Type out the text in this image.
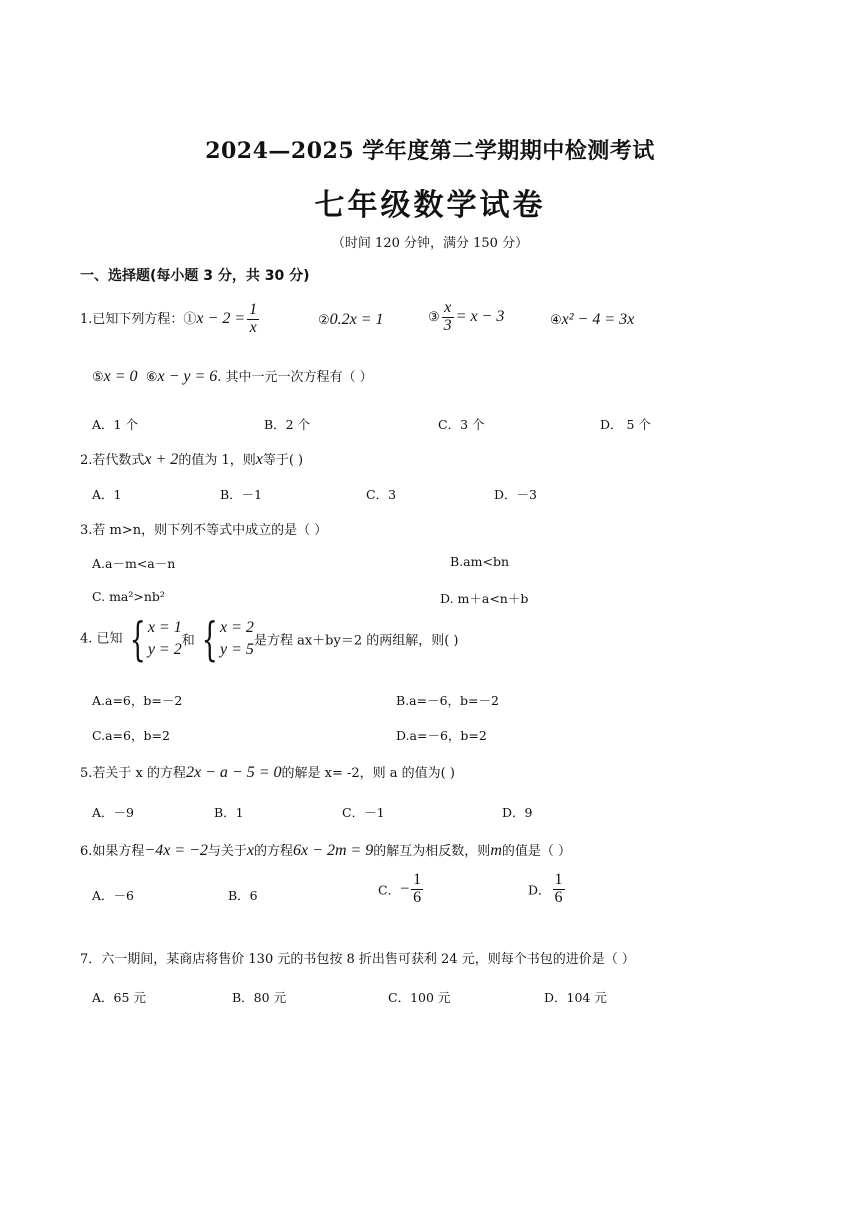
2024—2025 学年度第二学期期中检测考试
七年级数学试卷
（时间 120 分钟，满分 150 分）
一、选择题(每小题 3 分，共 30 分)
1.已知下列方程：①x − $2 = \frac{1}{x}$	②0.2x = 1	③ $\frac{x}{3} = x - 3$	④x² − 4 = 3x
⑤x = 0 ⑥x − y = 6. 其中一元一次方程有（ ）
A．1 个	B．2 个	C．3 个	D． 5 个
2.若代数式x + 2的值为 1，则x等于( )
A．1	B．－1	C．3	D．－3
3.若 m>n，则下列不等式中成立的是（ ）
A.a－m<a－n	B.am<bn
C. ma²>nb²	D. m＋a<n＋b
4. 已知 { x = 1
y = 2 和 { x = 2
y = 5 是方程 ax＋by＝2 的两组解，则( )
A.a=6，b=－2	B.a=－6，b=－2
C.a=6，b=2	D.a=－6，b=2
5.若关于 x 的方程2x − a − 5 = 0的解是 x= -2，则 a 的值为( )
A．－9	B．1	C．－1	D．9
6.如果方程−4x = −2与关于x的方程6x − 2m = 9的解互为相反数，则m的值是（ ）
A．－6	B．6	C．− $\frac{1}{6}$	D． $\frac{1}{6}$
7．六一期间，某商店将售价 130 元的书包按 8 折出售可获利 24 元，则每个书包的进价是（ ）
A．65 元	B．80 元	C．100 元	D．104 元
